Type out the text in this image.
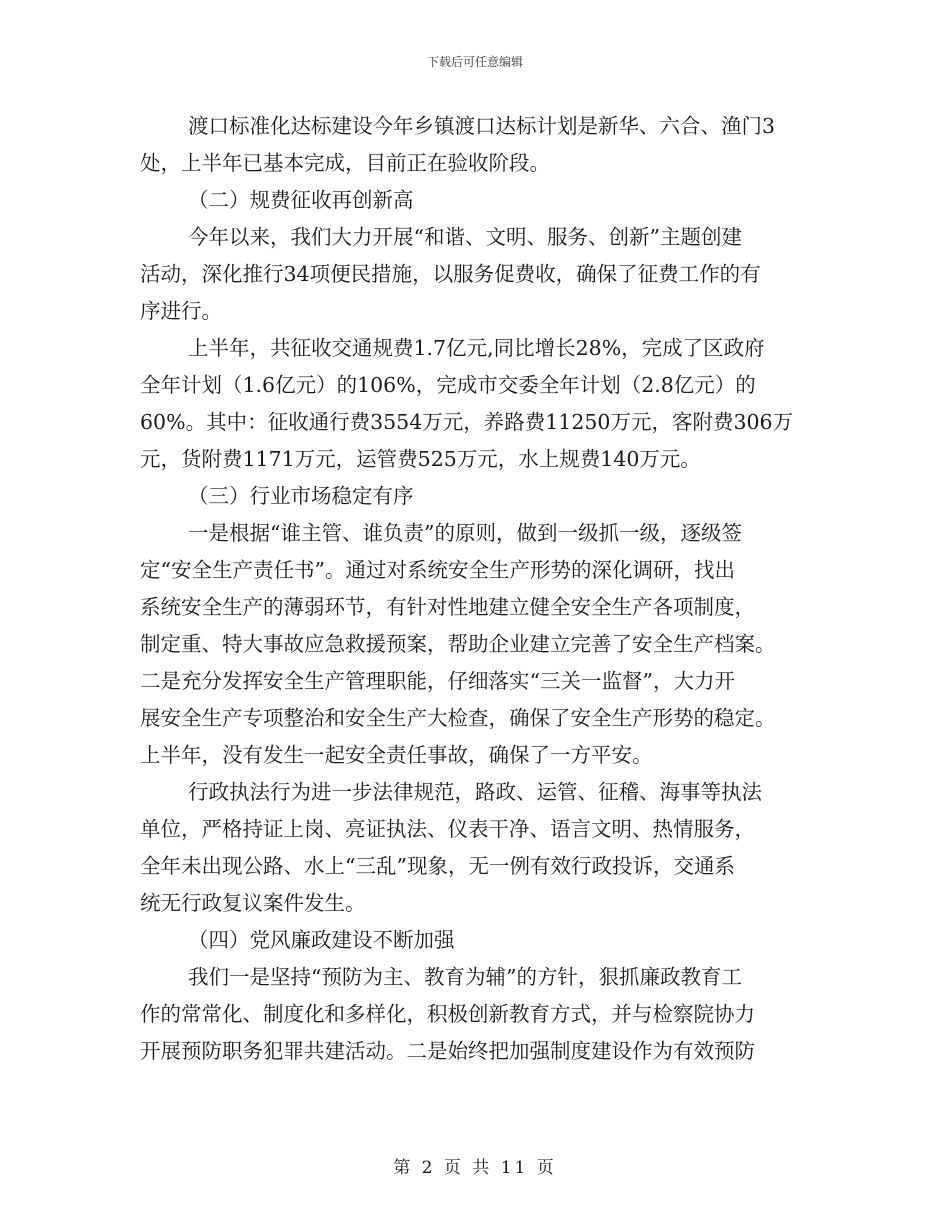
下载后可任意编辑
渡口标准化达标建设今年乡镇渡口达标计划是新华、六合、渔门3
处，上半年已基本完成，目前正在验收阶段。
（二）规费征收再创新高
今年以来，我们大力开展“和谐、文明、服务、创新”主题创建
活动，深化推行34项便民措施，以服务促费收，确保了征费工作的有
序进行。
上半年，共征收交通规费1.7亿元,同比增长28%，完成了区政府
全年计划（1.6亿元）的106%，完成市交委全年计划（2.8亿元）的
60%。其中：征收通行费3554万元，养路费11250万元，客附费306万
元，货附费1171万元，运管费525万元，水上规费140万元。
（三）行业市场稳定有序
一是根据“谁主管、谁负责”的原则，做到一级抓一级，逐级签
定“安全生产责任书”。通过对系统安全生产形势的深化调研，找出
系统安全生产的薄弱环节，有针对性地建立健全安全生产各项制度，
制定重、特大事故应急救援预案，帮助企业建立完善了安全生产档案。
二是充分发挥安全生产管理职能，仔细落实“三关一监督”，大力开
展安全生产专项整治和安全生产大检查，确保了安全生产形势的稳定。
上半年，没有发生一起安全责任事故，确保了一方平安。
行政执法行为进一步法律规范，路政、运管、征稽、海事等执法
单位，严格持证上岗、亮证执法、仪表干净、语言文明、热情服务，
全年未出现公路、水上“三乱”现象，无一例有效行政投诉，交通系
统无行政复议案件发生。
（四）党风廉政建设不断加强
我们一是坚持“预防为主、教育为辅”的方针，狠抓廉政教育工
作的常常化、制度化和多样化，积极创新教育方式，并与检察院协力
开展预防职务犯罪共建活动。二是始终把加强制度建设作为有效预防
第 2 页 共 11 页
